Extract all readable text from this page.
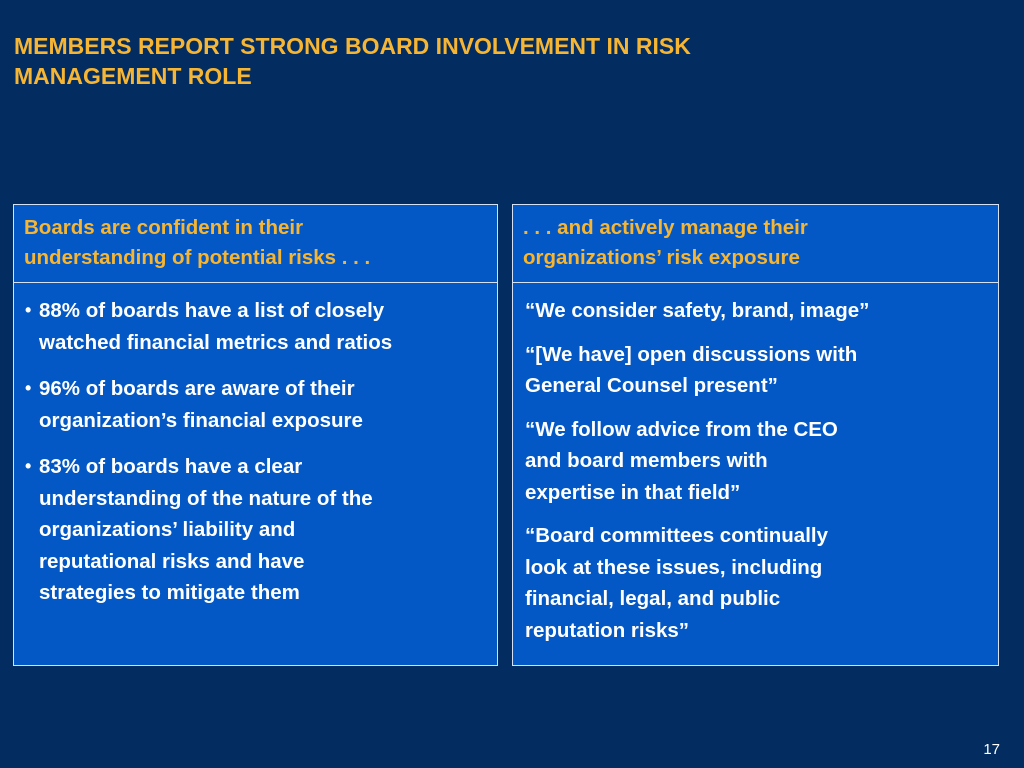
MEMBERS REPORT STRONG BOARD INVOLVEMENT IN RISK
MANAGEMENT ROLE
Boards are confident in their
understanding of potential risks . . .
• 88% of boards have a list of closely
watched financial metrics and ratios
• 96% of boards are aware of their
organization’s financial exposure
• 83% of boards have a clear
understanding of the nature of the
organizations’ liability and
reputational risks and have
strategies to mitigate them
. . . and actively manage their
organizations’ risk exposure
“We consider safety, brand, image”
“[We have] open discussions with
General Counsel present”
“We follow advice from the CEO
and board members with
expertise in that field”
“Board committees continually
look at these issues, including
financial, legal, and public
reputation risks”
17
